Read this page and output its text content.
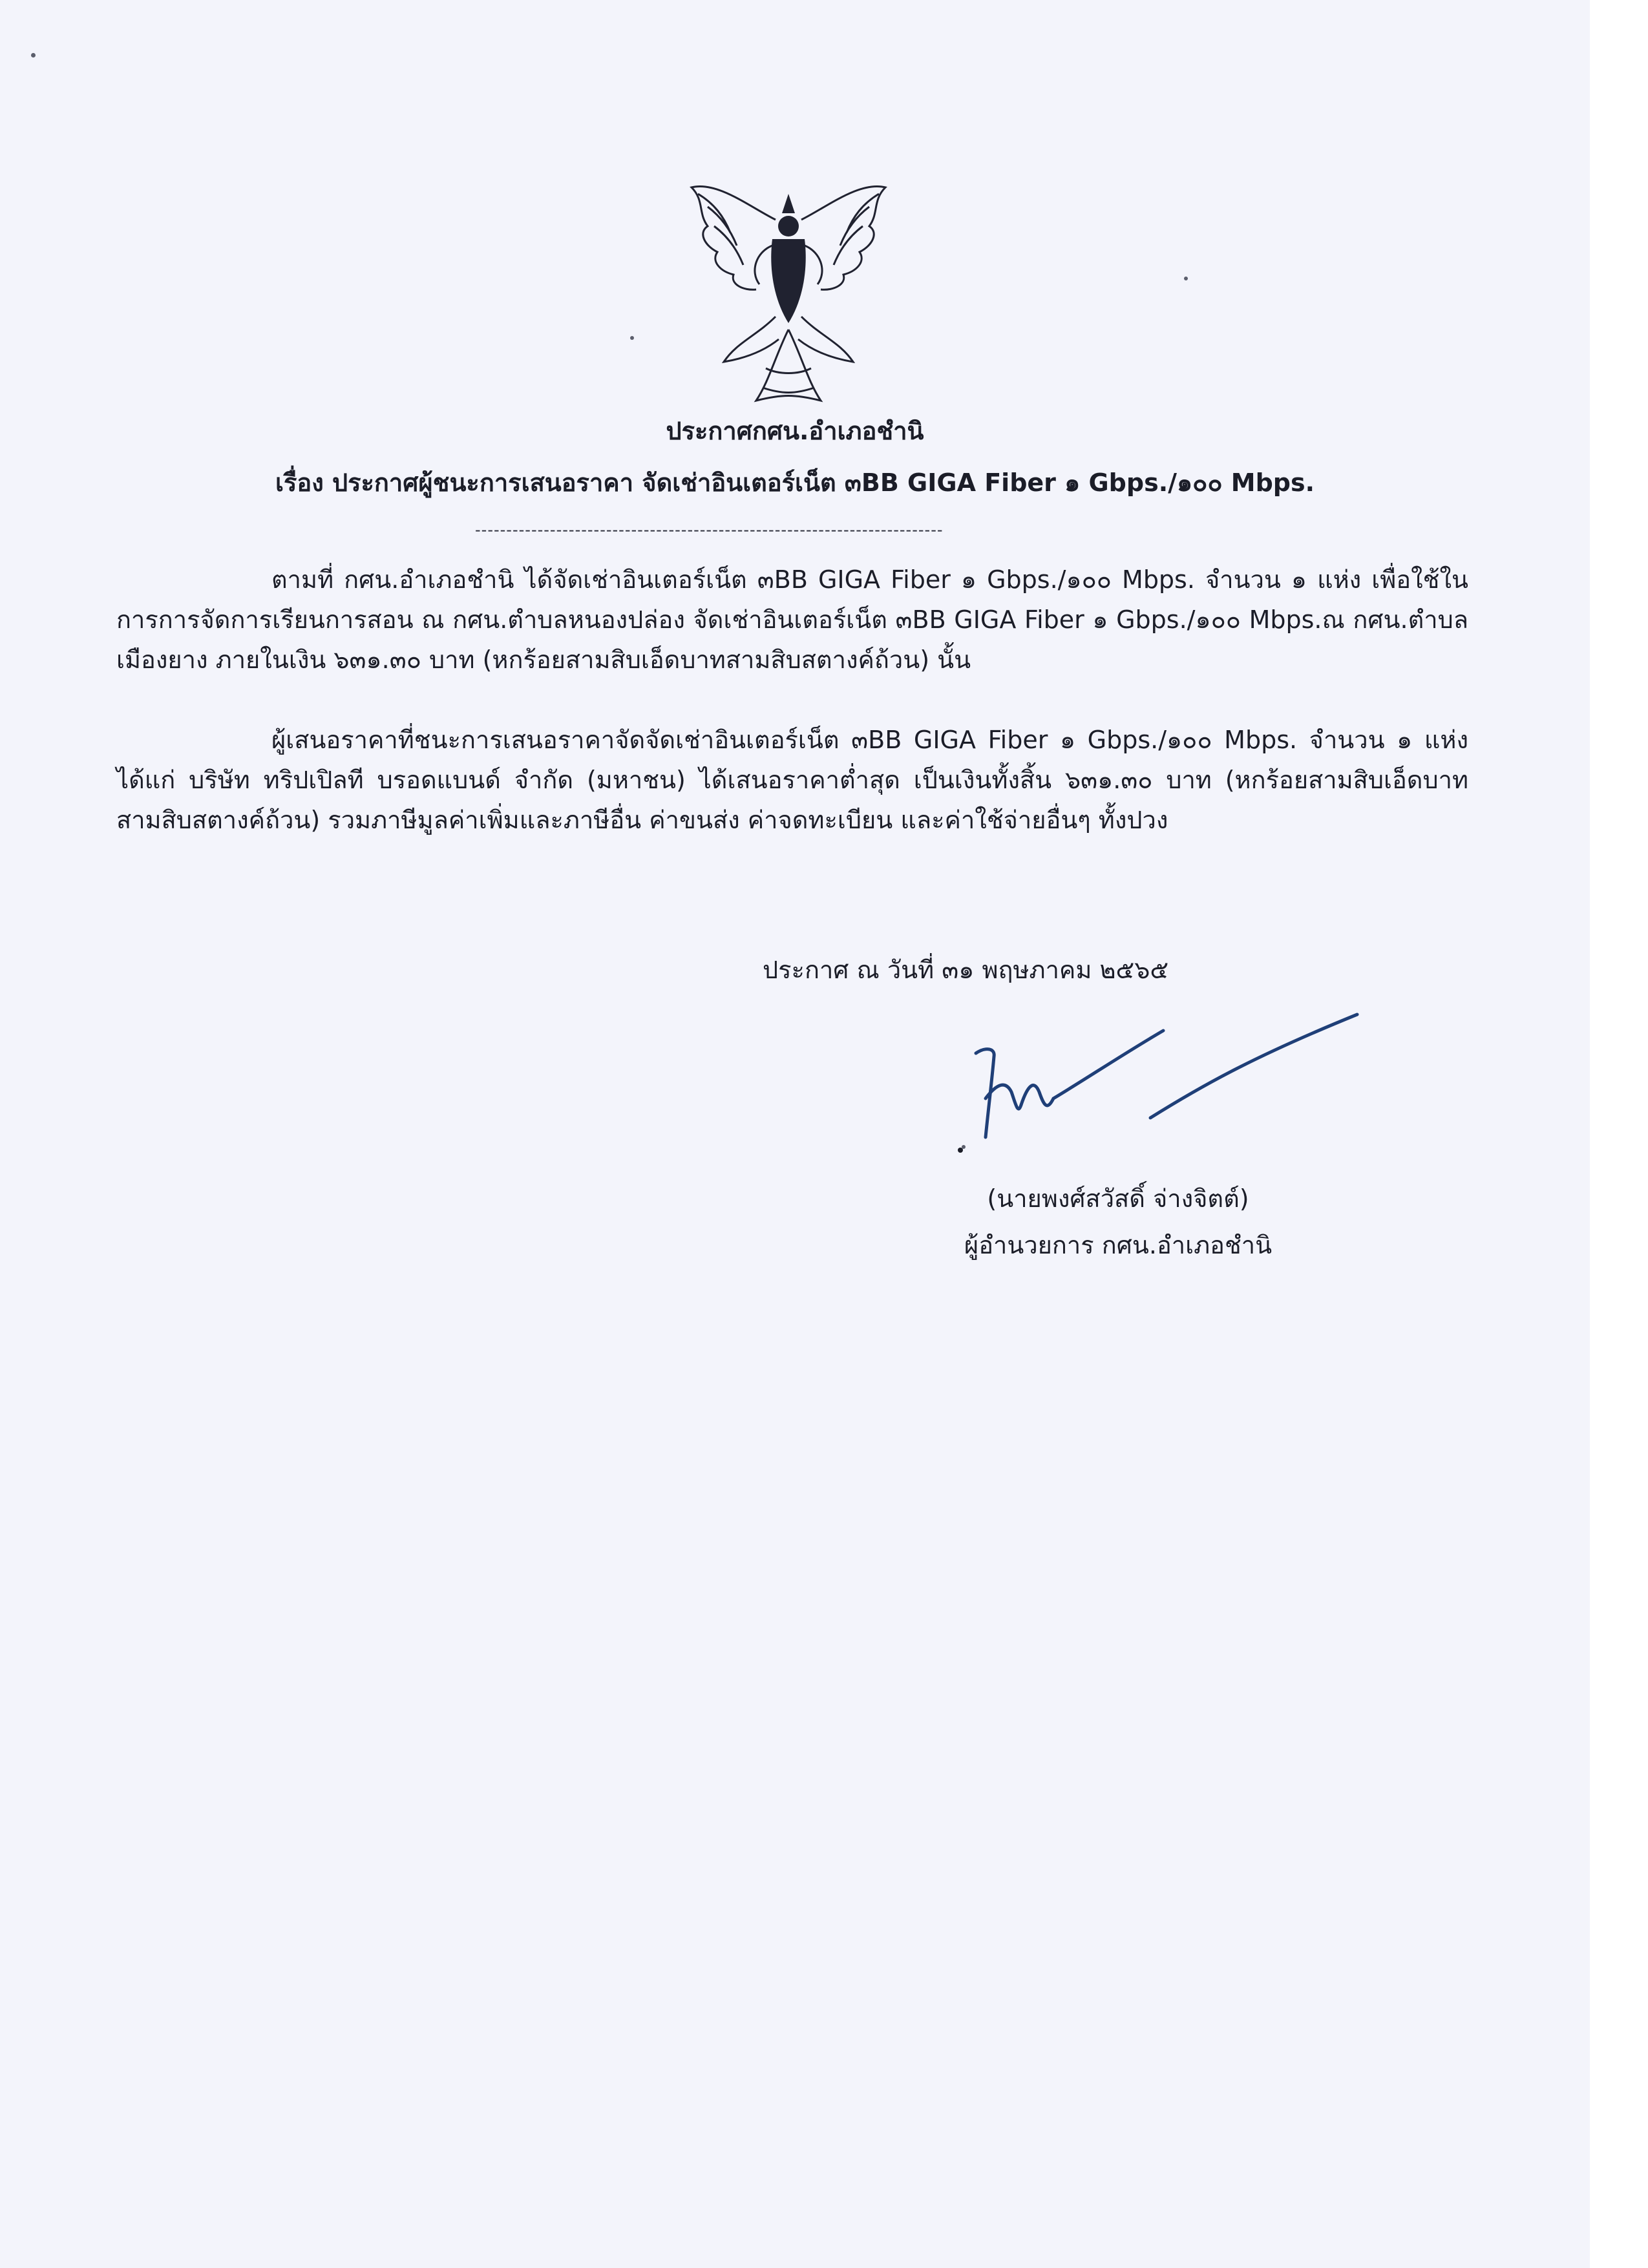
ประกาศกศน.อำเภอชำนิ
เรื่อง ประกาศผู้ชนะการเสนอราคา จัดเช่าอินเตอร์เน็ต ๓BB GIGA Fiber ๑ Gbps./๑๐๐ Mbps.
---------------------------------------------------------------------------
ตามที่ กศน.อำเภอชำนิ ได้จัดเช่าอินเตอร์เน็ต ๓BB GIGA Fiber ๑ Gbps./๑๐๐ Mbps. จำนวน ๑ แห่ง เพื่อใช้ในการการจัดการเรียนการสอน ณ กศน.ตำบลหนองปล่อง จัดเช่าอินเตอร์เน็ต ๓BB GIGA Fiber ๑ Gbps./๑๐๐ Mbps.ณ กศน.ตำบลเมืองยาง ภายในเงิน ๖๓๑.๓๐ บาท (หกร้อยสามสิบเอ็ดบาทสามสิบสตางค์ถ้วน) นั้น
ผู้เสนอราคาที่ชนะการเสนอราคาจัดจัดเช่าอินเตอร์เน็ต ๓BB GIGA Fiber ๑ Gbps./๑๐๐ Mbps. จำนวน ๑ แห่ง ได้แก่ บริษัท ทริปเปิลที บรอดแบนด์ จำกัด (มหาชน) ได้เสนอราคาต่ำสุด เป็นเงินทั้งสิ้น ๖๓๑.๓๐ บาท (หกร้อยสามสิบเอ็ดบาทสามสิบสตางค์ถ้วน) รวมภาษีมูลค่าเพิ่มและภาษีอื่น ค่าขนส่ง ค่าจดทะเบียน และค่าใช้จ่ายอื่นๆ ทั้งปวง
ประกาศ ณ วันที่ ๓๑ พฤษภาคม ๒๕๖๕
(นายพงศ์สวัสดิ์ จ่างจิตต์)
ผู้อำนวยการ กศน.อำเภอชำนิ
